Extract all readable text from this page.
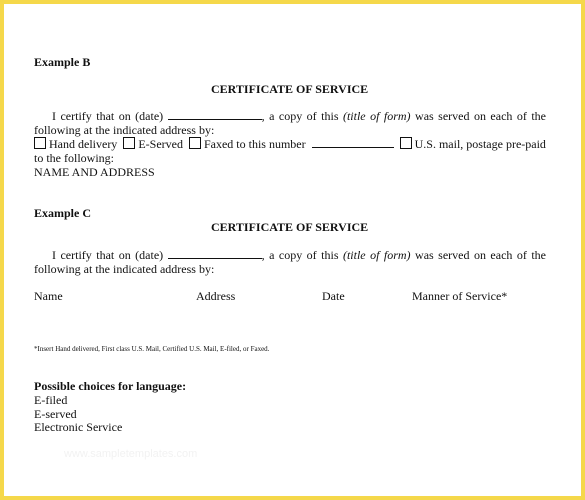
Example B
CERTIFICATE OF SERVICE
I certify that on (date)	, a copy of this (title of form) was served on each of the
following at the indicated address by:
Hand delivery E-Served Faxed to this number	U.S. mail, postage pre-paid
to the following:
NAME AND ADDRESS
Example C
CERTIFICATE OF SERVICE
I certify that on (date)	, a copy of this (title of form) was served on each of the
following at the indicated address by:
Name	Address	Date	Manner of Service*
*Insert Hand delivered, First class U.S. Mail, Certified U.S. Mail, E-filed, or Faxed.
Possible choices for language:
E-filed
E-served
Electronic Service
www.sampletemplates.com
